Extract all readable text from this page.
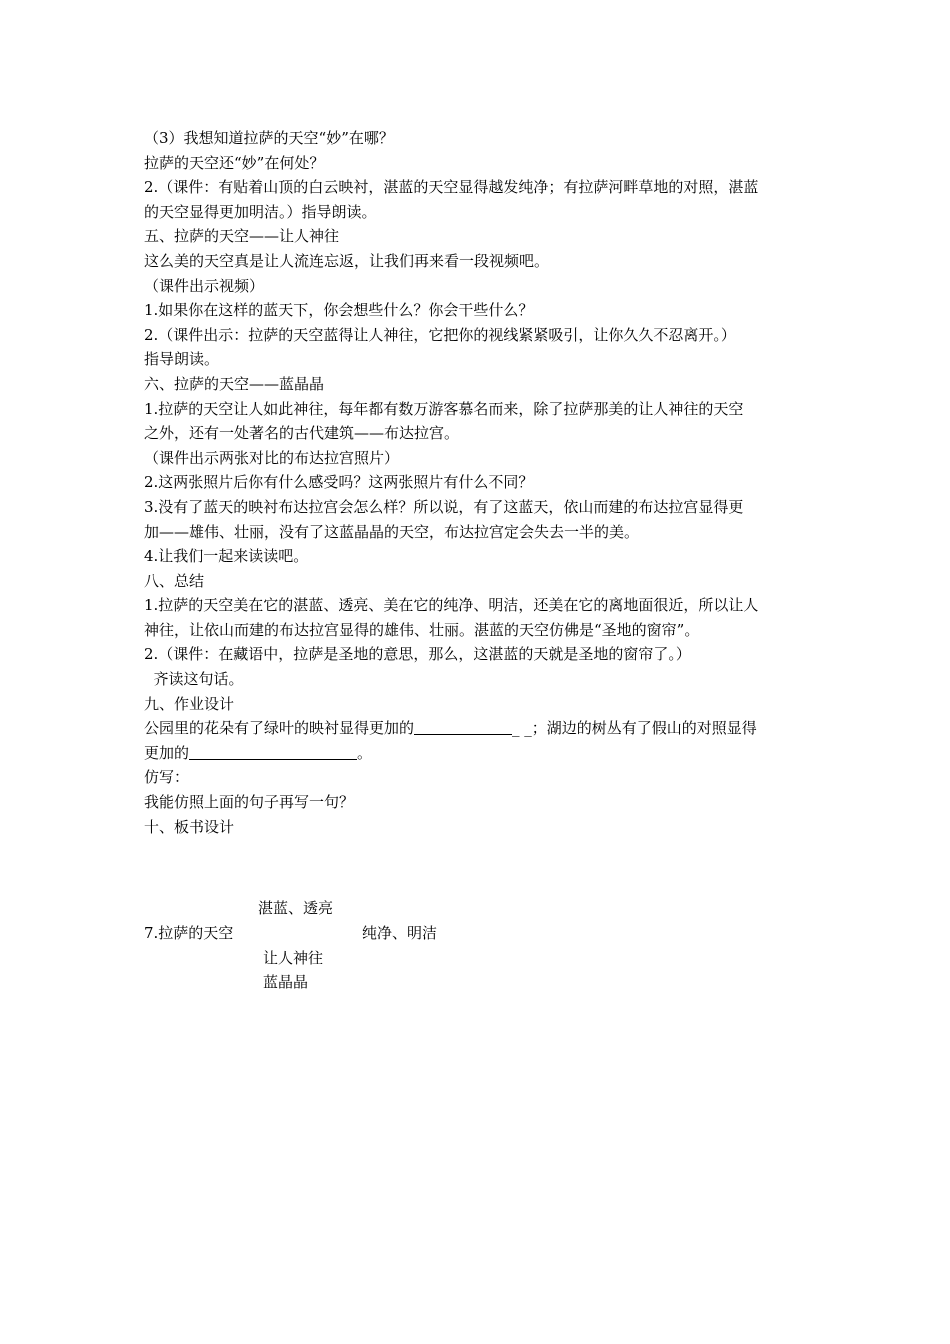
（3）我想知道拉萨的天空“妙”在哪？

拉萨的天空还“妙”在何处？

2.（课件：有贴着山顶的白云映衬，湛蓝的天空显得越发纯净；有拉萨河畔草地的对照，湛蓝

的天空显得更加明洁。）指导朗读。

五、拉萨的天空——让人神往

这么美的天空真是让人流连忘返，让我们再来看一段视频吧。

（课件出示视频）

1.如果你在这样的蓝天下，你会想些什么？你会干些什么？

2.（课件出示：拉萨的天空蓝得让人神往，它把你的视线紧紧吸引，让你久久不忍离开。）

指导朗读。

六、拉萨的天空——蓝晶晶

1.拉萨的天空让人如此神往，每年都有数万游客慕名而来，除了拉萨那美的让人神往的天空

之外，还有一处著名的古代建筑——布达拉宫。

（课件出示两张对比的布达拉宫照片）

2.这两张照片后你有什么感受吗？这两张照片有什么不同？

3.没有了蓝天的映衬布达拉宫会怎么样？所以说，有了这蓝天，依山而建的布达拉宫显得更

加——雄伟、壮丽，没有了这蓝晶晶的天空，布达拉宫定会失去一半的美。

4.让我们一起来读读吧。

八、总结

1.拉萨的天空美在它的湛蓝、透亮、美在它的纯净、明洁，还美在它的离地面很近，所以让人

神往，让依山而建的布达拉宫显得的雄伟、壮丽。湛蓝的天空仿佛是“圣地的窗帘”。

2.（课件：在藏语中，拉萨是圣地的意思，那么，这湛蓝的天就是圣地的窗帘了。）

齐读这句话。

九、作业设计

公园里的花朵有了绿叶的映衬显得更加的	_ _；湖边的树丛有了假山的对照显得

更加的	。

仿写：

我能仿照上面的句子再写一句？

十、板书设计

湛蓝、透亮
7.拉萨的天空	纯净、明洁
让人神往
蓝晶晶
